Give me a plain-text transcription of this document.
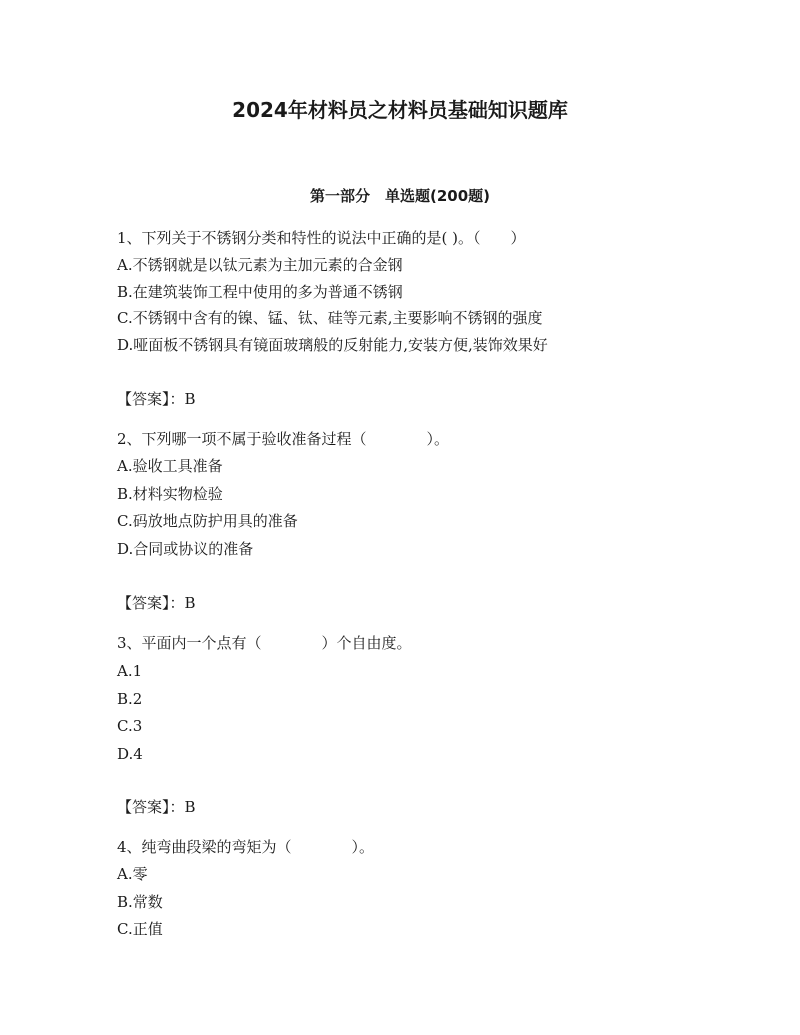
2024年材料员之材料员基础知识题库
第一部分　单选题(200题)
1、下列关于不锈钢分类和特性的说法中正确的是( )。（　　）
A.不锈钢就是以钛元素为主加元素的合金钢
B.在建筑装饰工程中使用的多为普通不锈钢
C.不锈钢中含有的镍、锰、钛、硅等元素,主要影响不锈钢的强度
D.哑面板不锈钢具有镜面玻璃般的反射能力,安装方便,装饰效果好
【答案】：B
2、下列哪一项不属于验收准备过程（　　　　）。
A.验收工具准备
B.材料实物检验
C.码放地点防护用具的准备
D.合同或协议的准备
【答案】：B
3、平面内一个点有（　　　　）个自由度。
A.1
B.2
C.3
D.4
【答案】：B
4、纯弯曲段梁的弯矩为（　　　　）。
A.零
B.常数
C.正值
